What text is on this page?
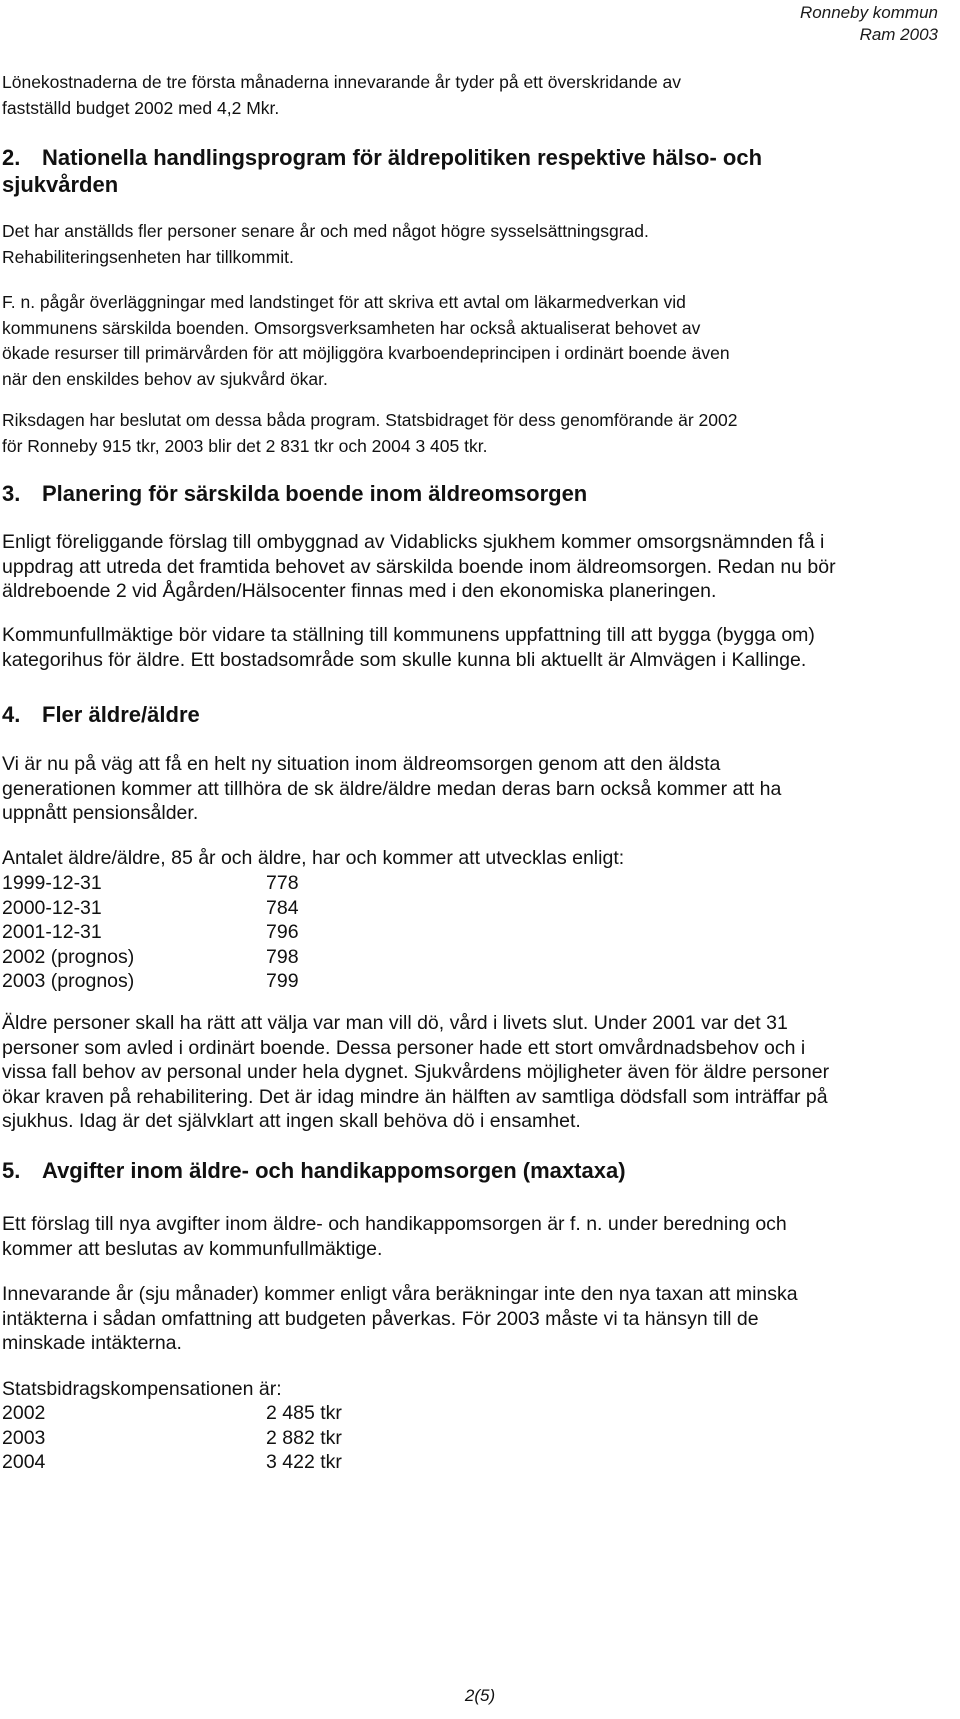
Ronneby kommun
Ram 2003

Lönekostnaderna de tre första månaderna innevarande år tyder på ett överskridande av
fastställd budget 2002 med 4,2 Mkr.

2. Nationella handlingsprogram för äldrepolitiken respektive hälso- och
sjukvården

Det har anställds fler personer senare år och med något högre sysselsättningsgrad.
Rehabiliteringsenheten har tillkommit.

F. n. pågår överläggningar med landstinget för att skriva ett avtal om läkarmedverkan vid
kommunens särskilda boenden. Omsorgsverksamheten har också aktualiserat behovet av
ökade resurser till primärvården för att möjliggöra kvarboendeprincipen i ordinärt boende även
när den enskildes behov av sjukvård ökar.

Riksdagen har beslutat om dessa båda program. Statsbidraget för dess genomförande är 2002
för Ronneby 915 tkr, 2003 blir det 2 831 tkr och 2004 3 405 tkr.

3. Planering för särskilda boende inom äldreomsorgen

Enligt föreliggande förslag till ombyggnad av Vidablicks sjukhem kommer omsorgsnämnden få i
uppdrag att utreda det framtida behovet av särskilda boende inom äldreomsorgen. Redan nu bör
äldreboende 2 vid Ågården/Hälsocenter finnas med i den ekonomiska planeringen.

Kommunfullmäktige bör vidare ta ställning till kommunens uppfattning till att bygga (bygga om)
kategorihus för äldre. Ett bostadsområde som skulle kunna bli aktuellt är Almvägen i Kallinge.

4. Fler äldre/äldre

Vi är nu på väg att få en helt ny situation inom äldreomsorgen genom att den äldsta
generationen kommer att tillhöra de sk äldre/äldre medan deras barn också kommer att ha
uppnått pensionsålder.

Antalet äldre/äldre, 85 år och äldre, har och kommer att utvecklas enligt:

1999-12-31	778
2000-12-31	784
2001-12-31	796
2002 (prognos)	798
2003 (prognos)	799

Äldre personer skall ha rätt att välja var man vill dö, vård i livets slut. Under 2001 var det 31
personer som avled i ordinärt boende. Dessa personer hade ett stort omvårdnadsbehov och i
vissa fall behov av personal under hela dygnet. Sjukvårdens möjligheter även för äldre personer
ökar kraven på rehabilitering. Det är idag mindre än hälften av samtliga dödsfall som inträffar på
sjukhus. Idag är det självklart att ingen skall behöva dö i ensamhet.

5. Avgifter inom äldre- och handikappomsorgen (maxtaxa)

Ett förslag till nya avgifter inom äldre- och handikappomsorgen är f. n. under beredning och
kommer att beslutas av kommunfullmäktige.

Innevarande år (sju månader) kommer enligt våra beräkningar inte den nya taxan att minska
intäkterna i sådan omfattning att budgeten påverkas. För 2003 måste vi ta hänsyn till de
minskade intäkterna.

Statsbidragskompensationen är:

2002	2 485 tkr
2003	2 882 tkr
2004	3 422 tkr
2(5)
